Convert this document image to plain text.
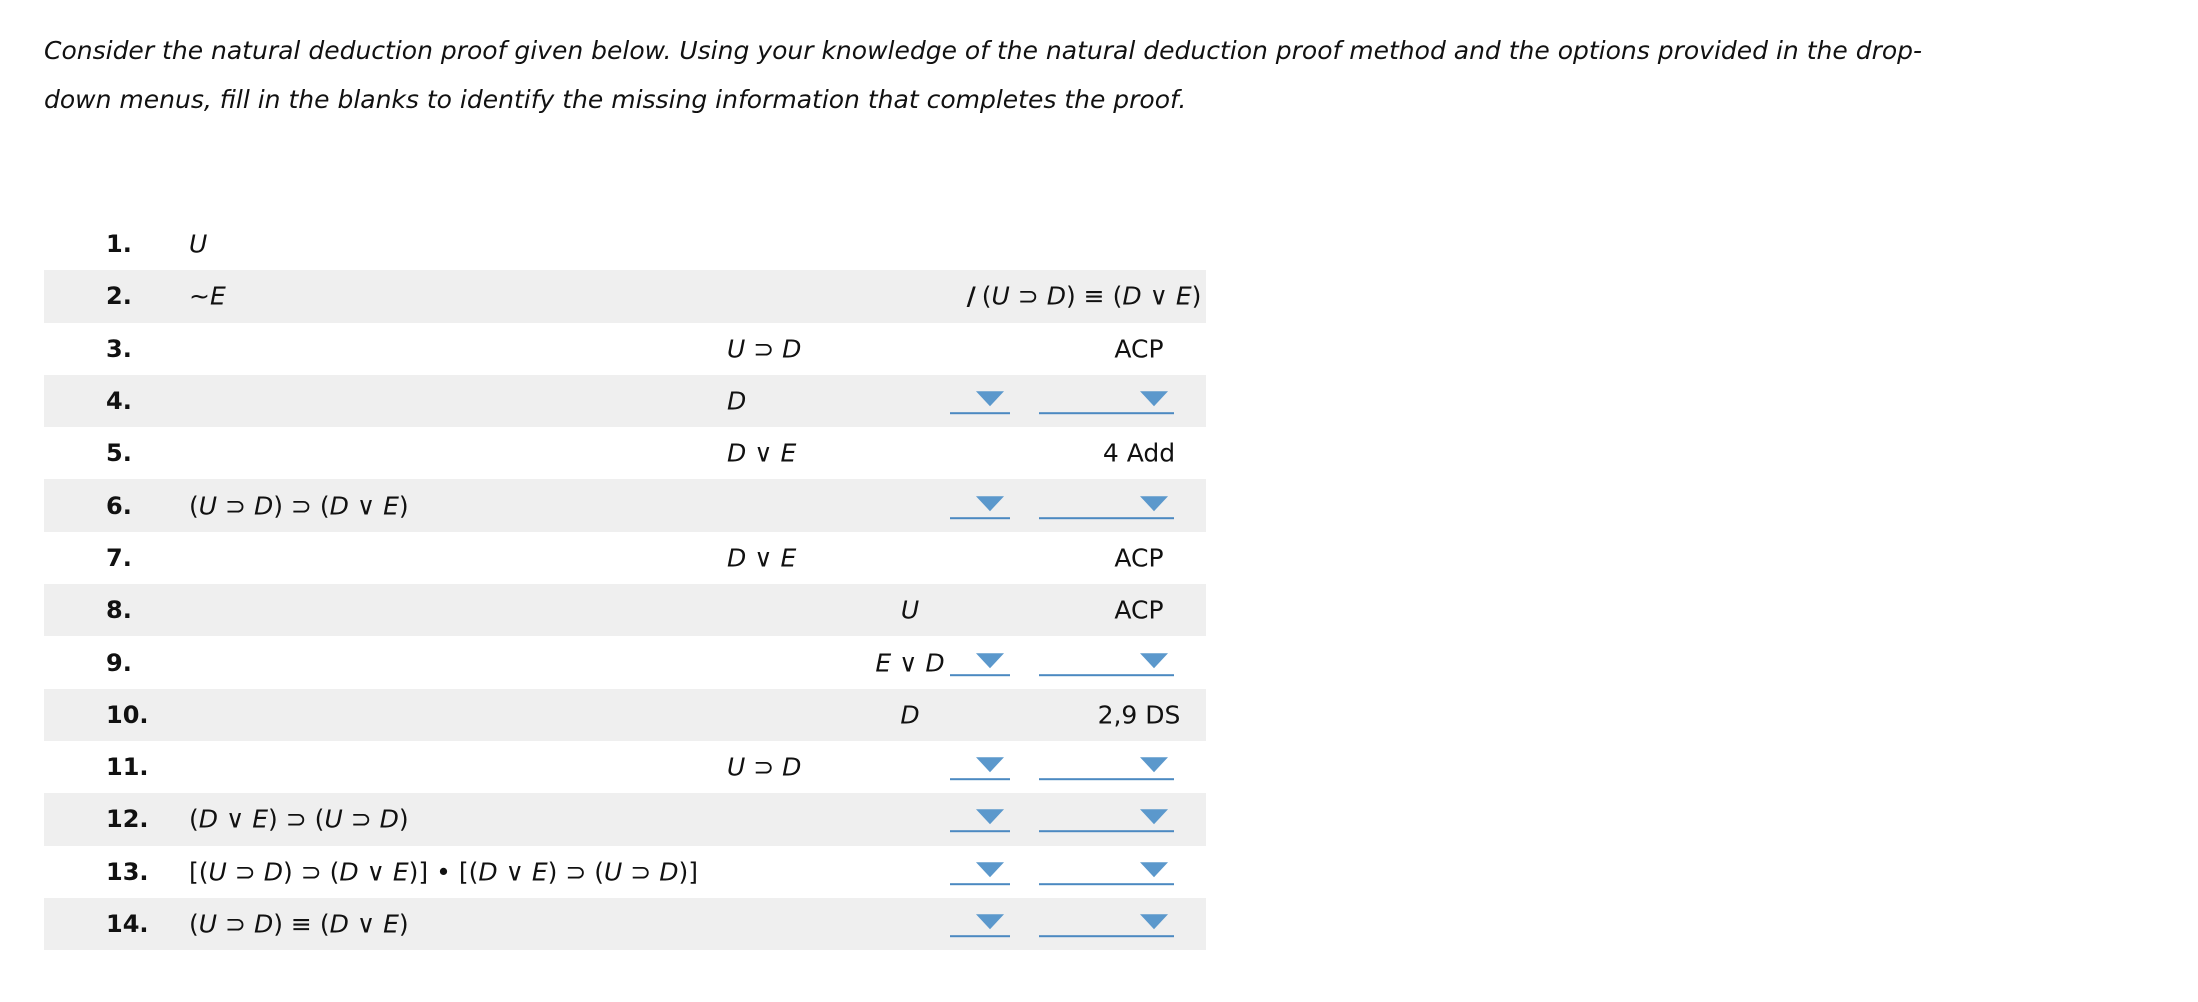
Consider the natural deduction proof given below. Using your knowledge of the natural deduction proof method and the options provided in the drop-down menus, fill in the blanks to identify the missing information that completes the proof.

1. U
2. ~E	/ (U ⊃ D) ≡ (D ∨ E)
3.	U ⊃ D	ACP
4.	D
5.	D ∨ E	4 Add
6. (U ⊃ D) ⊃ (D ∨ E)
7.	D ∨ E	ACP
8.	U	ACP
9.	E ∨ D
10.	D	2,9 DS
11.	U ⊃ D
12. (D ∨ E) ⊃ (U ⊃ D)
13. [(U ⊃ D) ⊃ (D ∨ E)] • [(D ∨ E) ⊃ (U ⊃ D)]
14. (U ⊃ D) ≡ (D ∨ E)
